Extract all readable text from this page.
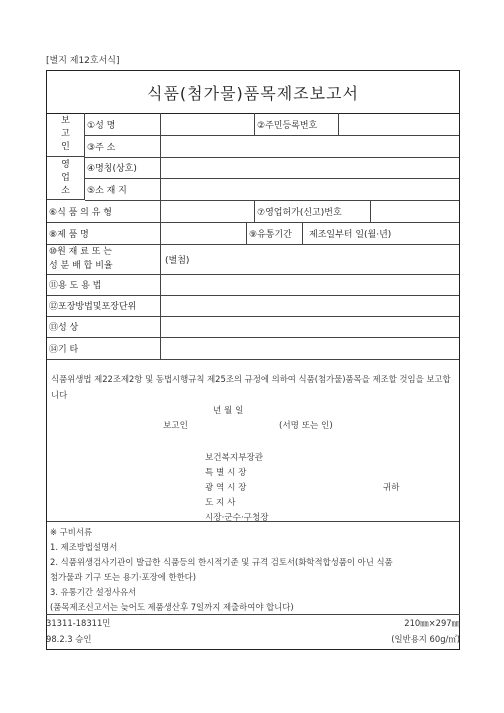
[별지 제12호서식]
식품(첨가물)품목제조보고서
보
고
인
①성 명	②주민등록번호
③주 소
영
업
소
④명칭(상호)
⑤소 재 지
⑥식 품 의 유 형	⑦영업허가(신고)번호
⑧제 품 명	⑨유통기간	제조일부터 일(월·년)
⑩원 재 료 또 는
성 분 배 합 비율
(별첨)
⑪용 도 용 법
⑫포장방법및포장단위
⑬성 상
⑭기 타
식품위생법 제22조제2항 및 동법시행규칙 제25조의 규정에 의하여 식품(첨가물)품목을 제조할 것임을 보고합니다
년 월 일
보고인	(서명 또는 인)
보건복지부장관
특 별 시 장
광 역 시 장	귀하
도 지 사
시장·군수·구청장
※ 구비서류
1. 제조방법설명서
2. 식품위생검사기관이 발급한 식품등의 한시적기준 및 규격 검토서(화학적합성품이 아닌 식품
첨가물과 기구 또는 용기·포장에 한한다)
3. 유통기간 설정사유서
(품목제조신고서는 늦어도 제품생산후 7일까지 제출하여야 합니다)
31311-18311민	210㎜×297㎜
98.2.3 승인	(일반용지 60g/㎡)
